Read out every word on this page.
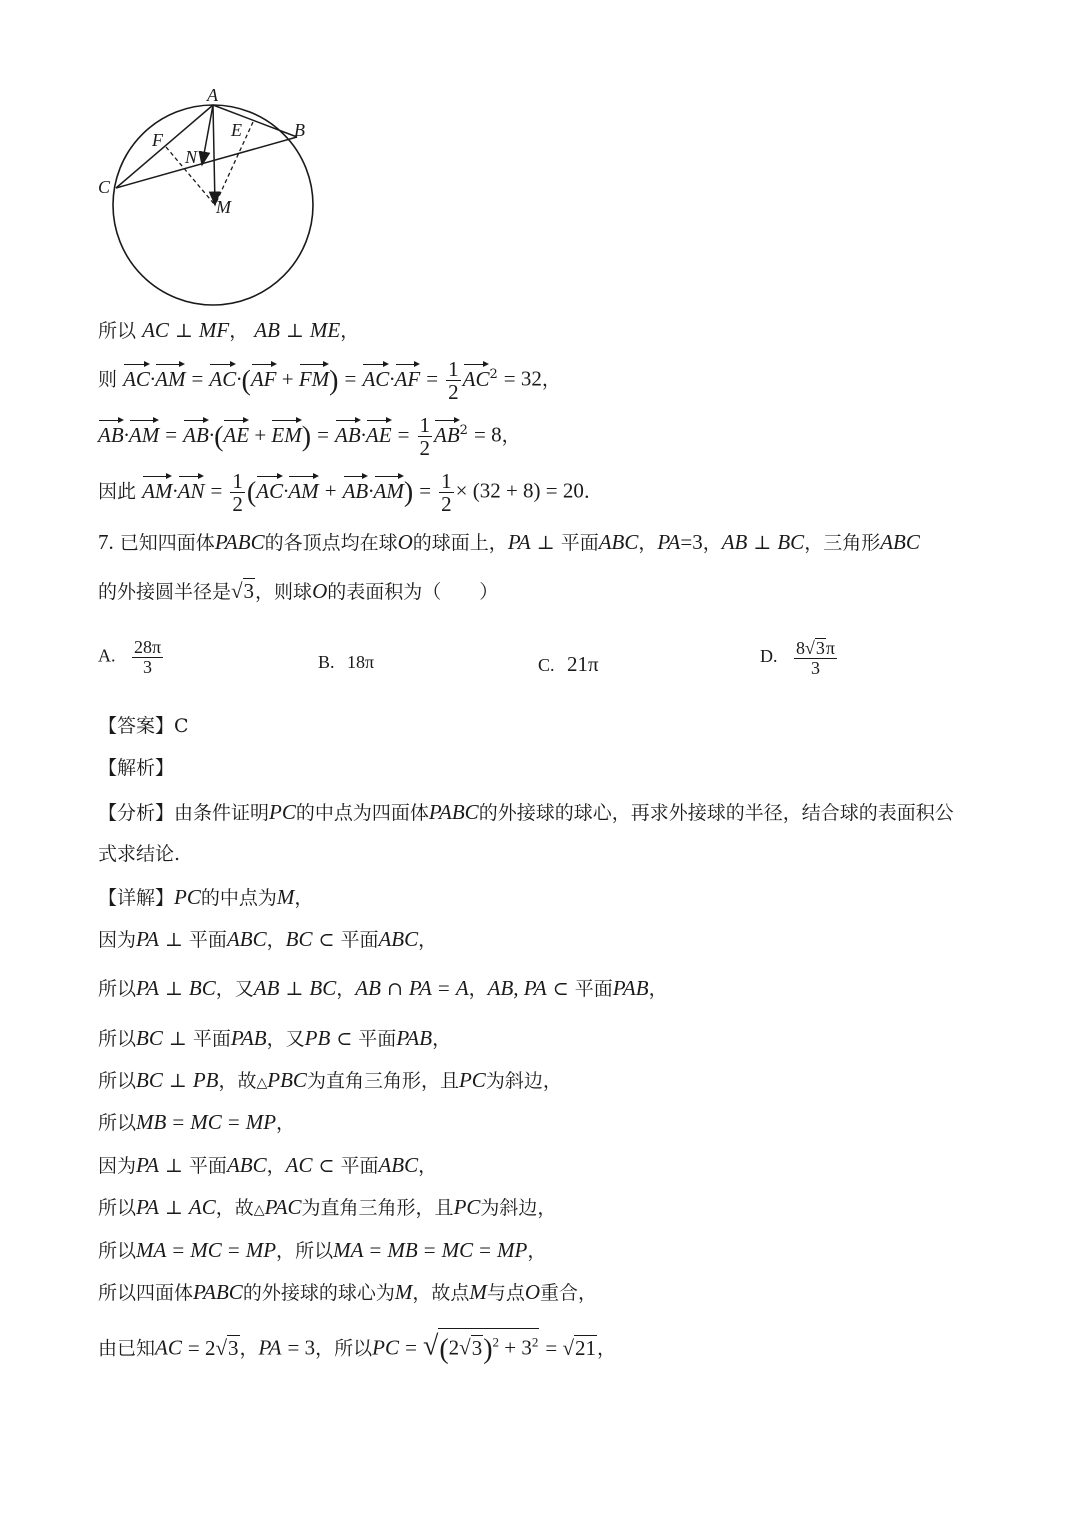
A
B
C
E
F
N
M
所以 AC ⊥ MF， AB ⊥ ME，
则 $AC\cdot AM = AC\cdot(AF + FM) = AC\cdot AF = \frac{1}{2} AC^2 = 32$，
$AB\cdot AM = AB\cdot(AE + EM) = AB\cdot AE = \frac{1}{2} AB^2 = 8$，
因此 $AM\cdot AN = \frac{1}{2} (AC\cdot AM + AB\cdot AM) = \frac{1}{2} \times (32 + 8) = 20$．
7. 已知四面体PABC的各顶点均在球O的球面上，PA ⊥ 平面ABC，PA=3，AB ⊥ BC，三角形ABC
的外接圆半径是√3，则球O的表面积为（　　）
A. $\frac{28\pi}{3}$	B. 18π	C. 21π	D. $\frac{8√3\pi}{3}$
【答案】C
【解析】
【分析】由条件证明PC的中点为四面体PABC的外接球的球心，再求外接球的半径，结合球的表面积公
式求结论.
【详解】PC的中点为M，
因为PA ⊥ 平面ABC，BC ⊂ 平面ABC，
所以PA ⊥ BC，又AB ⊥ BC，AB ∩ PA = A，AB, PA ⊂ 平面PAB，
所以BC ⊥ 平面PAB，又PB ⊂ 平面PAB，
所以BC ⊥ PB，故△PBC为直角三角形，且PC为斜边，
所以MB = MC = MP，
因为PA ⊥ 平面ABC，AC ⊂ 平面ABC，
所以PA ⊥ AC，故△PAC为直角三角形，且PC为斜边，
所以MA = MC = MP，所以MA = MB = MC = MP，
所以四面体PABC的外接球的球心为M，故点M与点O重合，
由已知AC = 2√3，PA = 3，所以PC = $√(2√3)^2 + 3^2 = √21$，
